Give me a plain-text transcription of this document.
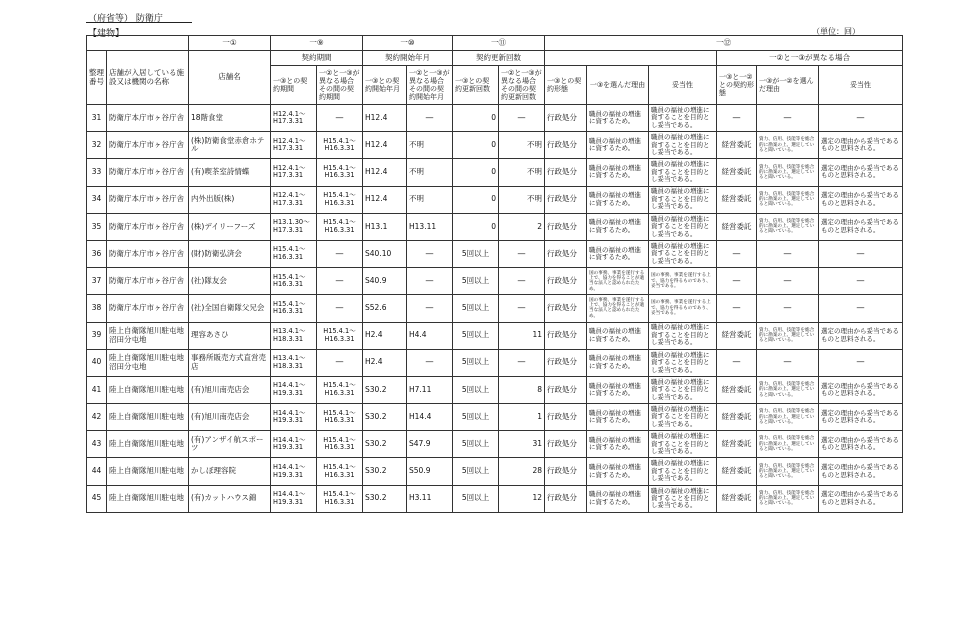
（府省等） 防衛庁
【建物】	（単位：回）
		一①	一⑨		一⑩		一⑪		一⑫					
整理番号	店舗が入居している施設又は機関の名称	店舗名	契約期間		契約開始年月		契約更新回数					一②と一③が異なる場合		
			一③との契約期間	一②と一③が異なる場合その間の契約期間	一③との契約開始年月	一②と一③が異なる場合その間の契約開始年月	一③との契約更新回数	一②と一③が異なる場合その間の契約更新回数	一③との契約形態	一③を選んだ理由	妥当性	一③と一②との契約形態	一③が一②を選んだ理由	妥当性
31	防衛庁本庁市ヶ谷庁舎	18階食堂	H12.4.1～H17.3.31	―	H12.4	―	0	―	行政処分	職員の福祉の増進に資するため。	職員の福祉の増進に資することを目的とし妥当である。	―	―	―
32	防衛庁本庁市ヶ谷庁舎	(株)防衛食堂赤倉ホテル	H12.4.1～H17.3.31	H15.4.1～H16.3.31	H12.4	不明	0	不明	行政処分	職員の福祉の増進に資するため。	職員の福祉の増進に資することを目的とし妥当である。	経営委託	資力、信用、技能等を総合的に勘案の上、選定していると聞いている。	選定の理由から妥当であるものと思料される。
33	防衛庁本庁市ヶ谷庁舎	(有)喫茶室詩情蝶	H12.4.1～H17.3.31	H15.4.1～H16.3.31	H12.4	不明	0	不明	行政処分	職員の福祉の増進に資するため。	職員の福祉の増進に資することを目的とし妥当である。	経営委託	資力、信用、技能等を総合的に勘案の上、選定していると聞いている。	選定の理由から妥当であるものと思料される。
34	防衛庁本庁市ヶ谷庁舎	内外出版(株)	H12.4.1～H17.3.31	H15.4.1～H16.3.31	H12.4	不明	0	不明	行政処分	職員の福祉の増進に資するため。	職員の福祉の増進に資することを目的とし妥当である。	経営委託	資力、信用、技能等を総合的に勘案の上、選定していると聞いている。	選定の理由から妥当であるものと思料される。
35	防衛庁本庁市ヶ谷庁舎	(株)デイリーフーズ	H13.1.30～H17.3.31	H15.4.1～H16.3.31	H13.1	H13.11	0	2	行政処分	職員の福祉の増進に資するため。	職員の福祉の増進に資することを目的とし妥当である。	経営委託	資力、信用、技能等を総合的に勘案の上、選定していると聞いている。	選定の理由から妥当であるものと思料される。
36	防衛庁本庁市ヶ谷庁舎	(財)防衛弘済会	H15.4.1～H16.3.31	―	S40.10	―	5回以上	―	行政処分	職員の福祉の増進に資するため。	職員の福祉の増進に資することを目的とし妥当である。	―	―	―
37	防衛庁本庁市ヶ谷庁舎	(社)隊友会	H15.4.1～H16.3.31	―	S40.9	―	5回以上	―	行政処分	国の事務、事業を遂行する上で、協力を得ることが適当な法人と認められたため。	国の事務、事業を遂行する上で、協力を得るものであり、妥当である。	―	―	―
38	防衛庁本庁市ヶ谷庁舎	(社)全国自衛隊父兄会	H15.4.1～H16.3.31	―	S52.6	―	5回以上	―	行政処分	国の事務、事業を遂行する上で、協力を得ることが適当な法人と認められたため。	国の事務、事業を遂行する上で、協力を得るものであり、妥当である。	―	―	―
39	陸上自衛隊旭川駐屯地沼田分屯地	理容あさひ	H13.4.1～H18.3.31	H15.4.1～H16.3.31	H2.4	H4.4	5回以上	11	行政処分	職員の福祉の増進に資するため。	職員の福祉の増進に資することを目的とし妥当である。	経営委託	資力、信用、技能等を総合的に勘案の上、選定していると聞いている。	選定の理由から妥当であるものと思料される。
40	陸上自衛隊旭川駐屯地沼田分屯地	事務所販売方式直営売店	H13.4.1～H18.3.31	―	H2.4	―	5回以上	―	行政処分	職員の福祉の増進に資するため。	職員の福祉の増進に資することを目的とし妥当である。	―	―	―
41	陸上自衛隊旭川駐屯地	(有)旭川南売店会	H14.4.1～H19.3.31	H15.4.1～H16.3.31	S30.2	H7.11	5回以上	8	行政処分	職員の福祉の増進に資するため。	職員の福祉の増進に資することを目的とし妥当である。	経営委託	資力、信用、技能等を総合的に勘案の上、選定していると聞いている。	選定の理由から妥当であるものと思料される。
42	陸上自衛隊旭川駐屯地	(有)旭川南売店会	H14.4.1～H19.3.31	H15.4.1～H16.3.31	S30.2	H14.4	5回以上	1	行政処分	職員の福祉の増進に資するため。	職員の福祉の増進に資することを目的とし妥当である。	経営委託	資力、信用、技能等を総合的に勘案の上、選定していると聞いている。	選定の理由から妥当であるものと思料される。
43	陸上自衛隊旭川駐屯地	(有)アンザイ航スポーツ	H14.4.1～H19.3.31	H15.4.1～H16.3.31	S30.2	S47.9	5回以上	31	行政処分	職員の福祉の増進に資するため。	職員の福祉の増進に資することを目的とし妥当である。	経営委託	資力、信用、技能等を総合的に勘案の上、選定していると聞いている。	選定の理由から妥当であるものと思料される。
44	陸上自衛隊旭川駐屯地	かしぼ理容院	H14.4.1～H19.3.31	H15.4.1～H16.3.31	S30.2	S50.9	5回以上	28	行政処分	職員の福祉の増進に資するため。	職員の福祉の増進に資することを目的とし妥当である。	経営委託	資力、信用、技能等を総合的に勘案の上、選定していると聞いている。	選定の理由から妥当であるものと思料される。
45	陸上自衛隊旭川駐屯地	(有)カットハウス錦	H14.4.1～H19.3.31	H15.4.1～H16.3.31	S30.2	H3.11	5回以上	12	行政処分	職員の福祉の増進に資するため。	職員の福祉の増進に資することを目的とし妥当である。	経営委託	資力、信用、技能等を総合的に勘案の上、選定していると聞いている。	選定の理由から妥当であるものと思料される。
